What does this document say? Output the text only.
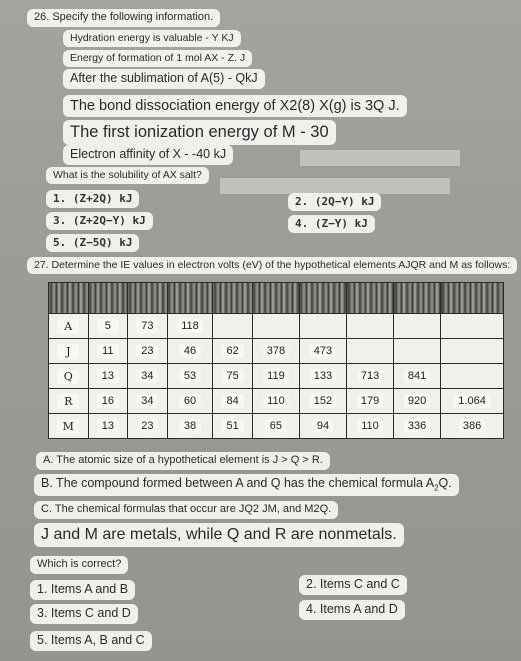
26. Specify the following information.
Hydration energy is valuable - Y KJ
Energy of formation of 1 mol AX - Z. J
After the sublimation of A(5) - QkJ
The bond dissociation energy of X2(8) X(g) is 3Q J.
The first ionization energy of M - 30
Electron affinity of X - -40 kJ
What is the solubility of AX salt?
1. (Z+2Q) kJ	2. (2Q−Y) kJ
3. (Z+2Q−Y) kJ	4. (Z−Y) kJ
5. (Z−5Q) kJ
27. Determine the IE values in electron volts (eV) of the hypothetical elements AJQR and M as follows:

A	5	73	118						
J	11	23	46	62	378	473			
Q	13	34	53	75	119	133	713	841	
R	16	34	60	84	110	152	179	920	1.064
M	13	23	38	51	65	94	110	336	386
A. The atomic size of a hypothetical element is J > Q > R.
B. The compound formed between A and Q has the chemical formula $A_2Q$.
C. The chemical formulas that occur are JQ2 JM, and M2Q.
J and M are metals, while Q and R are nonmetals.
Which is correct?
1. Items A and B	2. Items C and C
3. Items C and D	4. Items A and D
5. Items A, B and C
